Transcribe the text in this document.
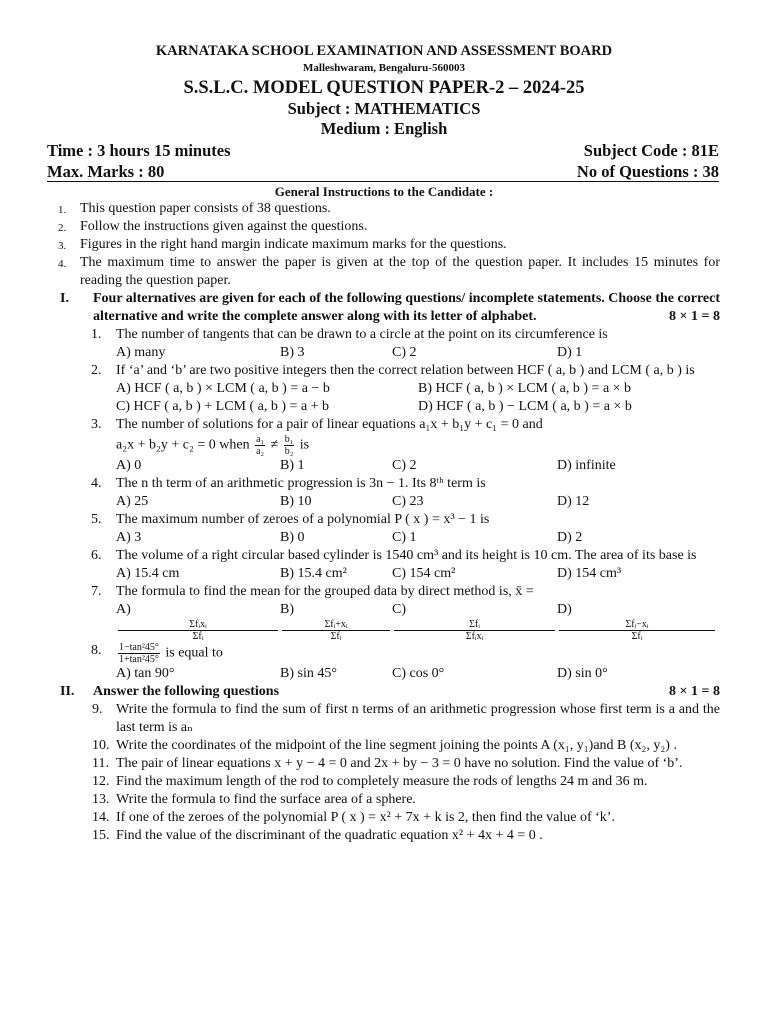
KARNATAKA SCHOOL EXAMINATION AND ASSESSMENT BOARD
Malleshwaram, Bengaluru-560003
S.S.L.C. MODEL QUESTION PAPER-2 – 2024-25
Subject : MATHEMATICS
Medium : English
Time : 3 hours 15 minutes	Subject Code : 81E
Max. Marks : 80	No of Questions : 38
General Instructions to the Candidate :
1. This question paper consists of 38 questions.
2. Follow the instructions given against the questions.
3. Figures in the right hand margin indicate maximum marks for the questions.
4. The maximum time to answer the paper is given at the top of the question paper. It includes 15 minutes for reading the question paper.
I. Four alternatives are given for each of the following questions/ incomplete statements. Choose the correct alternative and write the complete answer along with its letter of alphabet.	8 × 1 = 8
1. The number of tangents that can be drawn to a circle at the point on its circumference is
A) many	B) 3	C) 2	D) 1
2. If ‘a’ and ‘b’ are two positive integers then the correct relation between HCF ( a, b ) and LCM ( a, b ) is
A) HCF ( a, b ) × LCM ( a, b ) = a − b	B) HCF ( a, b ) × LCM ( a, b ) = a × b
C) HCF ( a, b ) + LCM ( a, b ) = a + b	D) HCF ( a, b ) − LCM ( a, b ) = a × b
3. The number of solutions for a pair of linear equations a₁x + b₁y + c₁ = 0 and
a₂x + b₂y + c₂ = 0 when $\frac{\text{a₁}}{\text{a₂}} \ne \frac{\text{b₁}}{\text{b₂}}$ is
A) 0	B) 1	C) 2	D) infinite
4. The n th term of an arithmetic progression is 3n − 1. Its 8ᵗʰ term is
A) 25	B) 10	C) 23	D) 12
5. The maximum number of zeroes of a polynomial P ( x ) = x³ − 1 is
A) 3	B) 0	C) 1	D) 2
6. The volume of a right circular based cylinder is 1540 cm³ and its height is 10 cm. The area of its base is
A) 15.4 cm	B) 15.4 cm²	C) 154 cm²	D) 154 cm³
7. The formula to find the mean for the grouped data by direct method is, x̄ =
A)
Σfᵢxᵢ
Σfᵢ
B)
Σfᵢ+xᵢ
Σfᵢ
C)
Σfᵢ
Σfᵢxᵢ
D)
Σfᵢ−xᵢ
Σfᵢ
8. $\frac{\text{1−tan²45°}}{\text{1+tan²45°}}$ is equal to
A) tan 90°	B) sin 45°	C) cos 0°	D) sin 0°
II. Answer the following questions	8 × 1 = 8
9. Write the formula to find the sum of first n terms of an arithmetic progression whose first term is a and the last term is aₙ
10. Write the coordinates of the midpoint of the line segment joining the points A (x₁, y₁)and B (x₂, y₂) .
11. The pair of linear equations x + y − 4 = 0 and 2x + by − 3 = 0 have no solution. Find the value of ‘b’.
12. Find the maximum length of the rod to completely measure the rods of lengths 24 m and 36 m.
13. Write the formula to find the surface area of a sphere.
14. If one of the zeroes of the polynomial P ( x ) = x² + 7x + k is 2, then find the value of ‘k’.
15. Find the value of the discriminant of the quadratic equation x² + 4x + 4 = 0 .
